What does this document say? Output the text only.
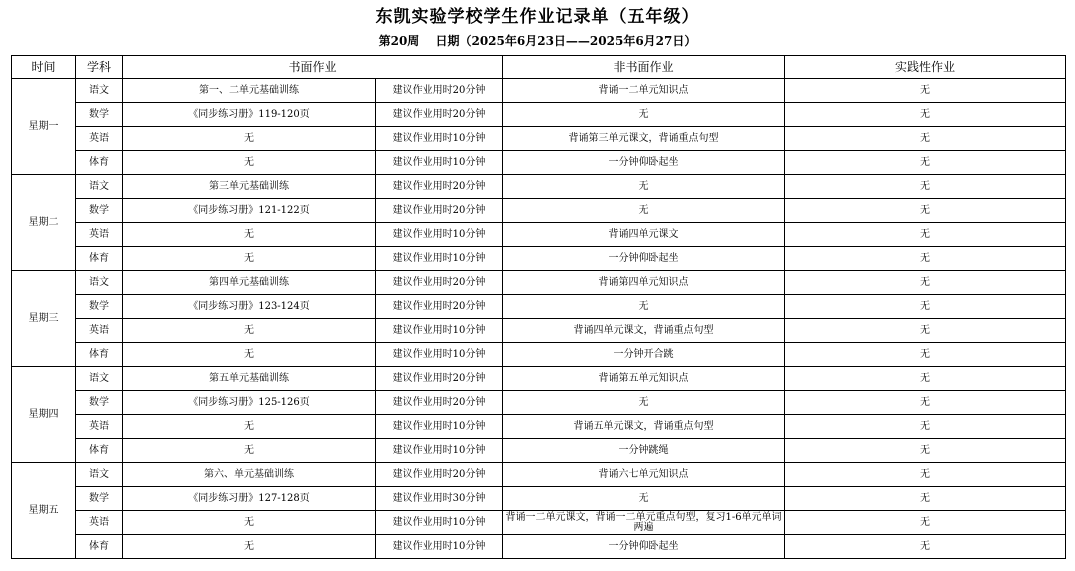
东凯实验学校学生作业记录单（五年级）
第20周 日期（2025年6月23日——2025年6月27日）
时间	学科	书面作业		非书面作业	实践性作业
星期一	语文	第一、二单元基础训练	建议作业用时20分钟	背诵一二单元知识点	无
	数学	《同步练习册》119-120页	建议作业用时20分钟	无	无
	英语	无	建议作业用时10分钟	背诵第三单元课文，背诵重点句型	无
	体育	无	建议作业用时10分钟	一分钟仰卧起坐	无
星期二	语文	第三单元基础训练	建议作业用时20分钟	无	无
	数学	《同步练习册》121-122页	建议作业用时20分钟	无	无
	英语	无	建议作业用时10分钟	背诵四单元课文	无
	体育	无	建议作业用时10分钟	一分钟仰卧起坐	无
星期三	语文	第四单元基础训练	建议作业用时20分钟	背诵第四单元知识点	无
	数学	《同步练习册》123-124页	建议作业用时20分钟	无	无
	英语	无	建议作业用时10分钟	背诵四单元课文，背诵重点句型	无
	体育	无	建议作业用时10分钟	一分钟开合跳	无
星期四	语文	第五单元基础训练	建议作业用时20分钟	背诵第五单元知识点	无
	数学	《同步练习册》125-126页	建议作业用时20分钟	无	无
	英语	无	建议作业用时10分钟	背诵五单元课文，背诵重点句型	无
	体育	无	建议作业用时10分钟	一分钟跳绳	无
星期五	语文	第六、单元基础训练	建议作业用时20分钟	背诵六七单元知识点	无
	数学	《同步练习册》127-128页	建议作业用时30分钟	无	无
	英语	无	建议作业用时10分钟	背诵一二单元课文，背诵一二单元重点句型，复习1-6单元单词两遍	无
	体育	无	建议作业用时10分钟	一分钟仰卧起坐	无
